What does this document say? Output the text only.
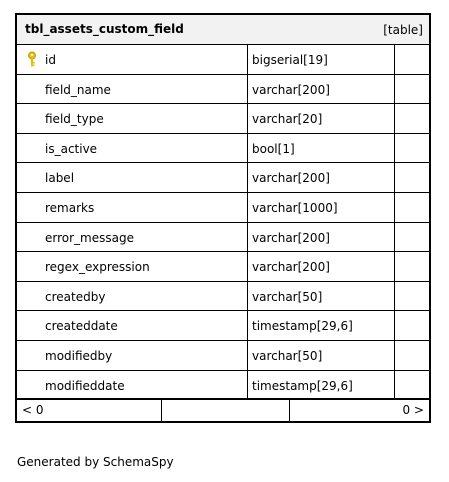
tbl_assets_custom_field	[table]
id	bigserial[19]
field_name	varchar[200]
field_type	varchar[20]
is_active	bool[1]
label	varchar[200]
remarks	varchar[1000]
error_message	varchar[200]
regex_expression	varchar[200]
createdby	varchar[50]
createddate	timestamp[29,6]
modifiedby	varchar[50]
modifieddate	timestamp[29,6]
< 0	0 >
Generated by SchemaSpy
